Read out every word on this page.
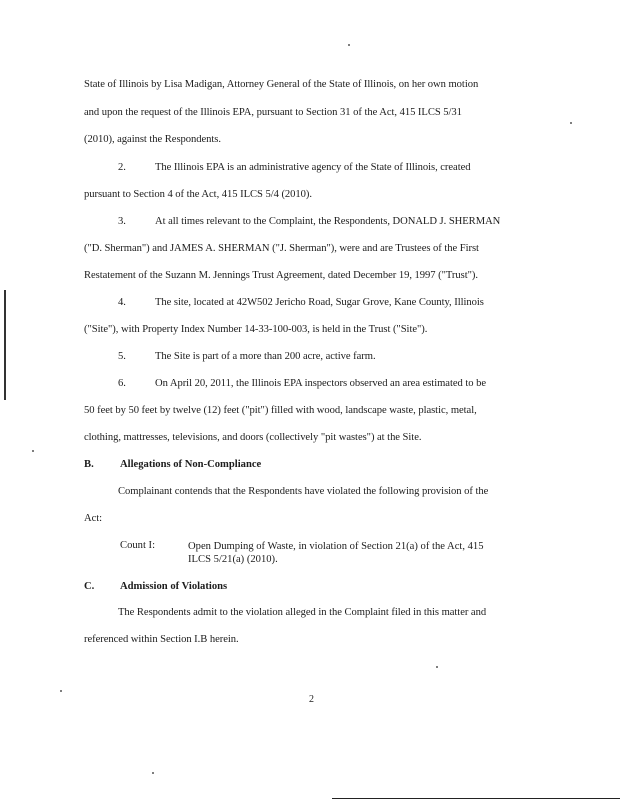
State of Illinois by Lisa Madigan, Attorney General of the State of Illinois, on her own motion
and upon the request of the Illinois EPA, pursuant to Section 31 of the Act, 415 ILCS 5/31
(2010), against the Respondents.
2.	The Illinois EPA is an administrative agency of the State of Illinois, created
pursuant to Section 4 of the Act, 415 ILCS 5/4 (2010).
3.	At all times relevant to the Complaint, the Respondents, DONALD J. SHERMAN
("D. Sherman") and JAMES A. SHERMAN ("J. Sherman"), were and are Trustees of the First
Restatement of the Suzann M. Jennings Trust Agreement, dated December 19, 1997 ("Trust").
4.	The site, located at 42W502 Jericho Road, Sugar Grove, Kane County, Illinois
("Site"), with Property Index Number 14-33-100-003, is held in the Trust ("Site").
5.	The Site is part of a more than 200 acre, active farm.
6.	On April 20, 2011, the Illinois EPA inspectors observed an area estimated to be
50 feet by 50 feet by twelve (12) feet ("pit") filled with wood, landscape waste, plastic, metal,
clothing, mattresses, televisions, and doors (collectively "pit wastes") at the Site.
B. Allegations of Non-Compliance
Complainant contends that the Respondents have violated the following provision of the
Act:
Count I:	Open Dumping of Waste, in violation of Section 21(a) of the Act, 415
ILCS 5/21(a) (2010).
C. Admission of Violations
The Respondents admit to the violation alleged in the Complaint filed in this matter and
referenced within Section I.B herein.
2
